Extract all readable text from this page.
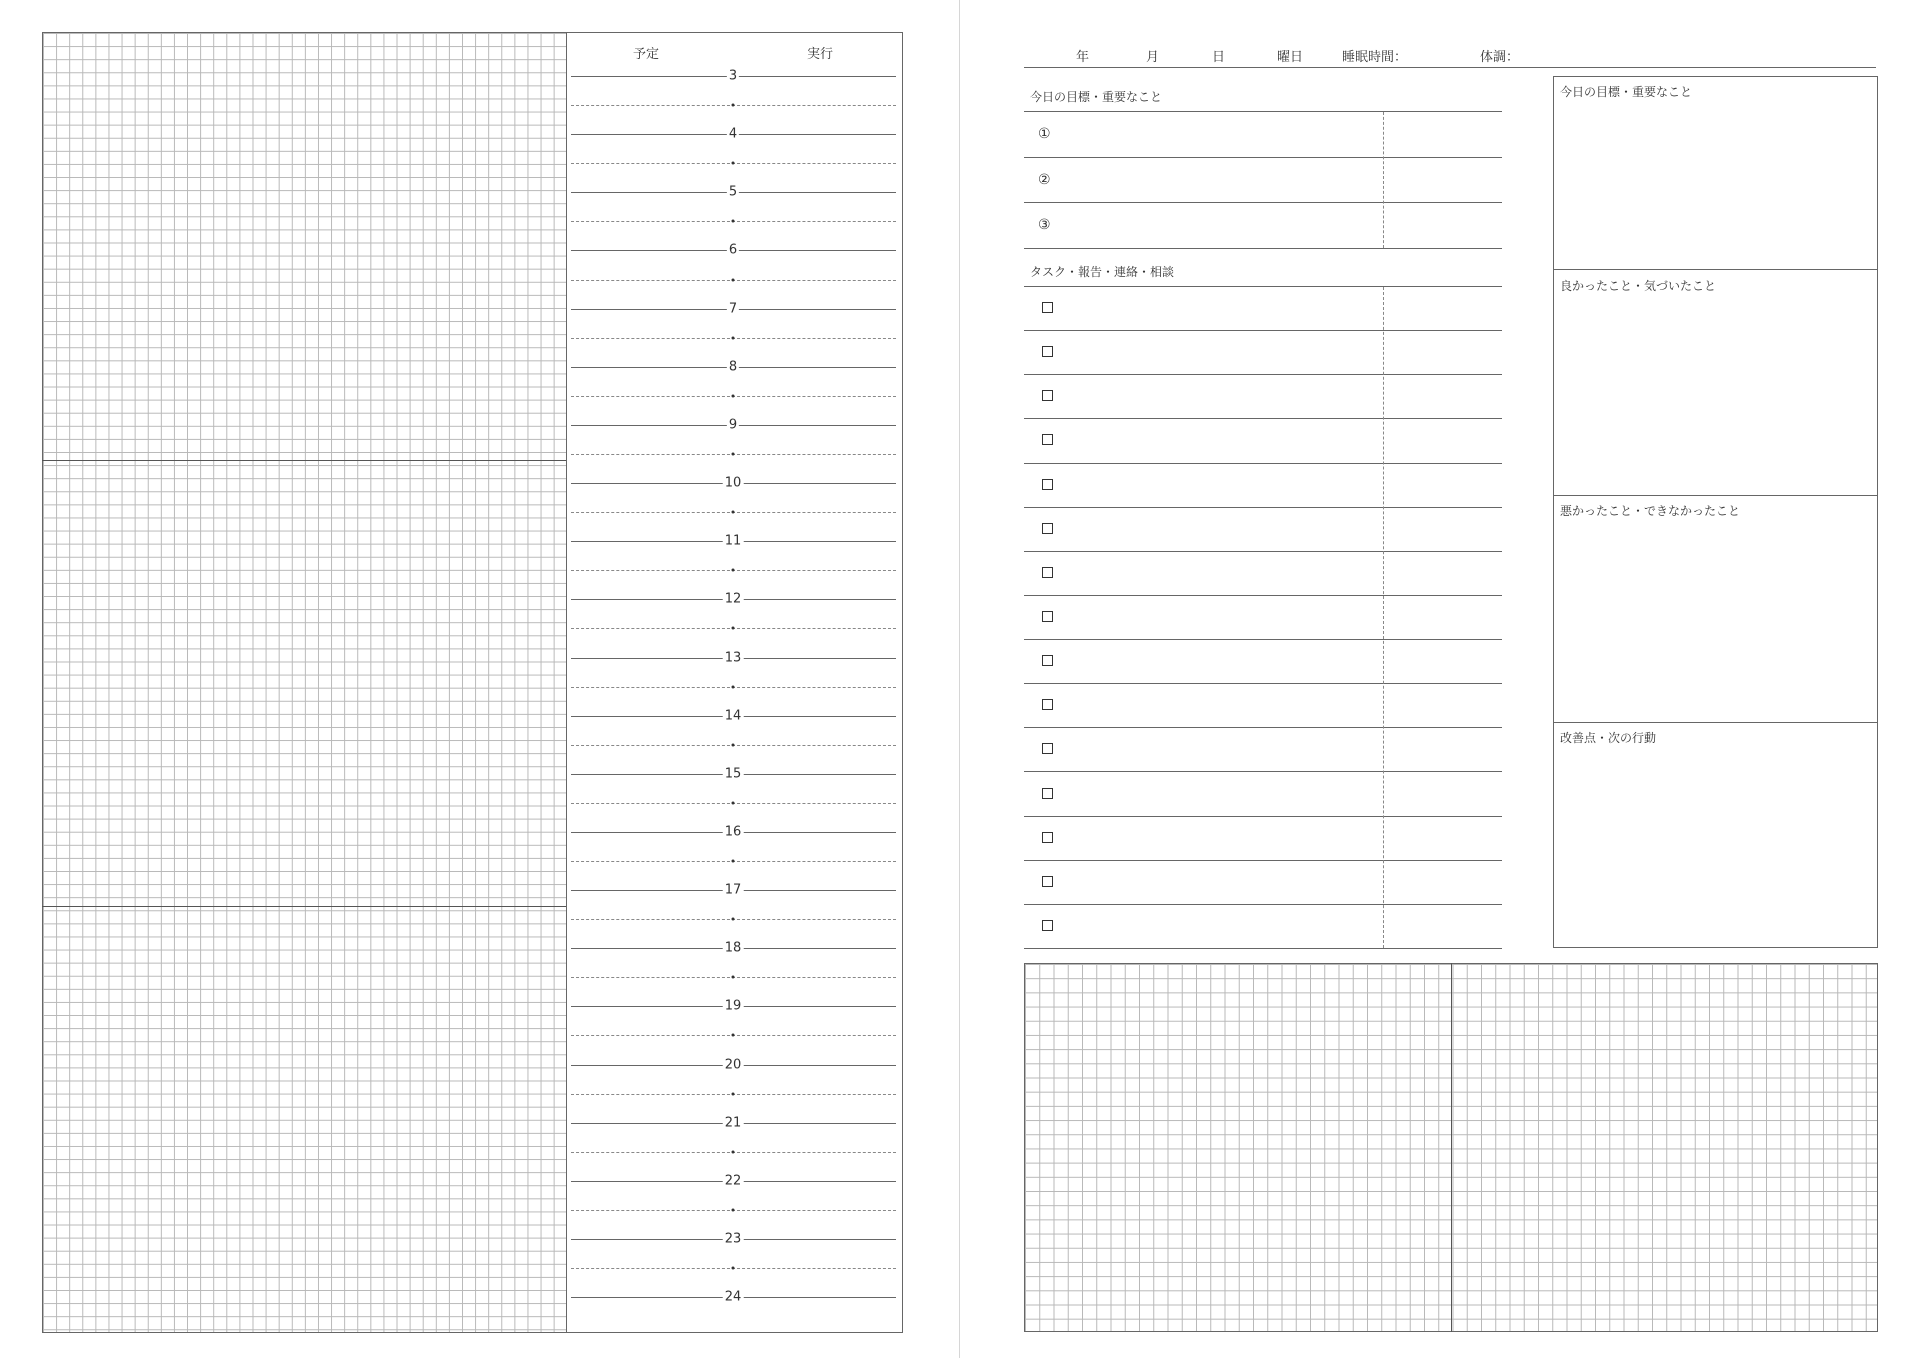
予定	実行
3
4
5
6
7
8
9
10
11
12
13
14
15
16
17
18
19
20
21
22
23
24
年	月	日	曜日	睡眠時間：	体調：
今日の目標・重要なこと
①
②
③
タスク・報告・連絡・相談
今日の目標・重要なこと
良かったこと・気づいたこと
悪かったこと・できなかったこと
改善点・次の行動
